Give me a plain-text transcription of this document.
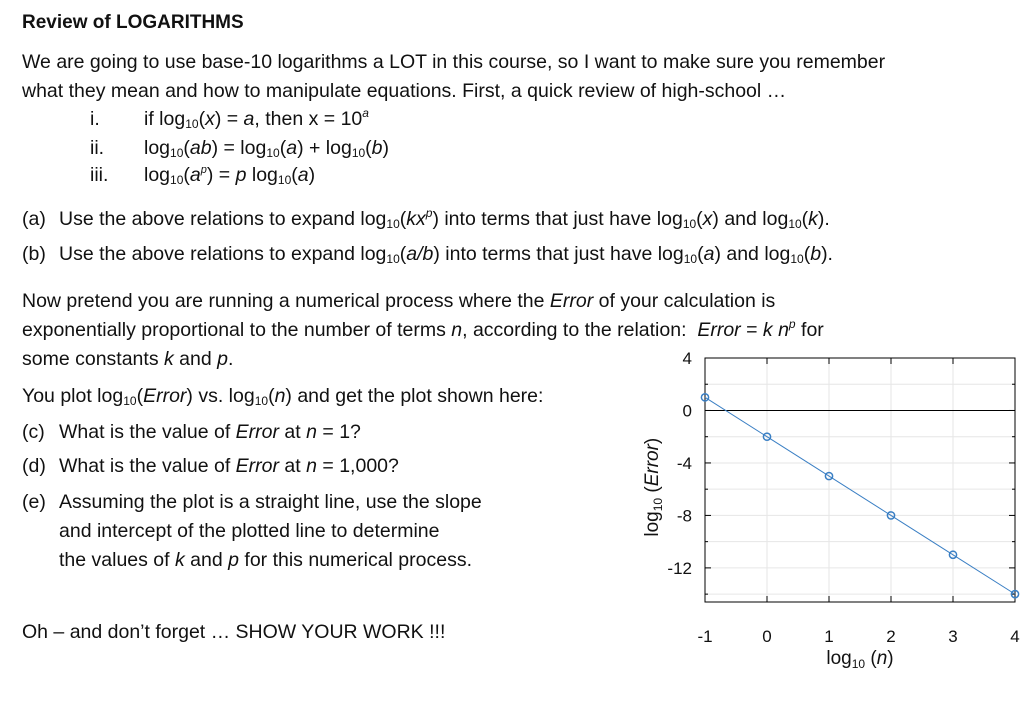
Review of LOGARITHMS
We are going to use base-10 logarithms a LOT in this course, so I want to make sure you remember
what they mean and how to manipulate equations. First, a quick review of high-school …
i. if $\log_{10}(x) = a$, then $x = 10^a$
ii. $\log_{10}(ab) = \log_{10}(a) + \log_{10}(b)$
iii. $\log_{10}(a^p) = p$ $\log_{10}(a)$
(a) Use the above relations to expand $\log_{10}(kx^p)$ into terms that just have $\log_{10}(x)$ and $\log_{10}(k)$.
(b) Use the above relations to expand $\log_{10}(a/b)$ into terms that just have $\log_{10}(a)$ and $\log_{10}(b)$.
Now pretend you are running a numerical process where the Error of your calculation is
exponentially proportional to the number of terms n, according to the relation:  Error = k $n^p$ for
some constants k and p.
You plot $\log_{10}(Error)$ vs. $\log_{10}(n)$ and get the plot shown here:
(c) What is the value of Error at n = 1?
(d) What is the value of Error at n = 1,000?
(e) Assuming the plot is a straight line, use the slope
and intercept of the plotted line to determine
the values of k and p for this numerical process.
Oh – and don’t forget … SHOW YOUR WORK !!!
4
0
-4
-8
-12
-1	0	1	2	3	4
$\log_{10} (n)$
$\log_{10}$ (Error)
